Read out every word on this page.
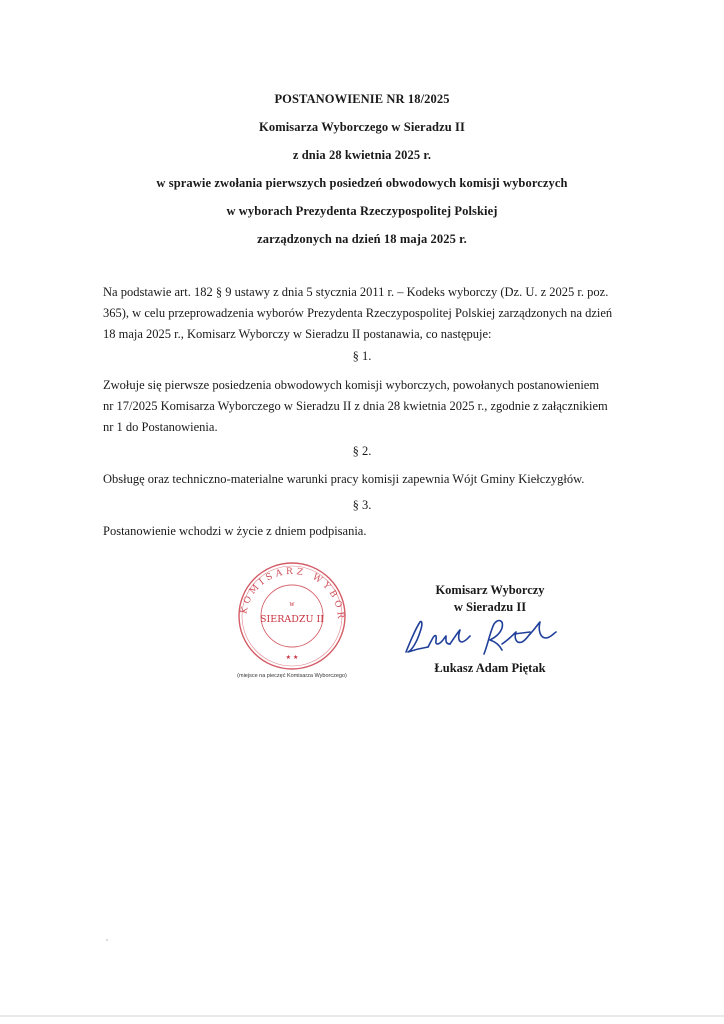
POSTANOWIENIE NR 18/2025
Komisarza Wyborczego w Sieradzu II
z dnia 28 kwietnia 2025 r.
w sprawie zwołania pierwszych posiedzeń obwodowych komisji wyborczych
w wyborach Prezydenta Rzeczypospolitej Polskiej
zarządzonych na dzień 18 maja 2025 r.
Na podstawie art. 182 § 9 ustawy z dnia 5 stycznia 2011 r. – Kodeks wyborczy (Dz. U. z 2025 r. poz.
365), w celu przeprowadzenia wyborów Prezydenta Rzeczypospolitej Polskiej zarządzonych na dzień
18 maja 2025 r., Komisarz Wyborczy w Sieradzu II postanawia, co następuje:
§ 1.
Zwołuje się pierwsze posiedzenia obwodowych komisji wyborczych, powołanych postanowieniem
nr 17/2025 Komisarza Wyborczego w Sieradzu II z dnia 28 kwietnia 2025 r., zgodnie z załącznikiem
nr 1 do Postanowienia.
§ 2.
Obsługę oraz techniczno-materialne warunki pracy komisji zapewnia Wójt Gminy Kiełczygłów.
§ 3.
Postanowienie wchodzi w życie z dniem podpisania.
KOMISARZ WYBOR
w
SIERADZU II
★ ★
(miejsce na pieczęć Komisarza Wyborczego)
Komisarz Wyborczy
w Sieradzu II
Łukasz Adam Piętak
